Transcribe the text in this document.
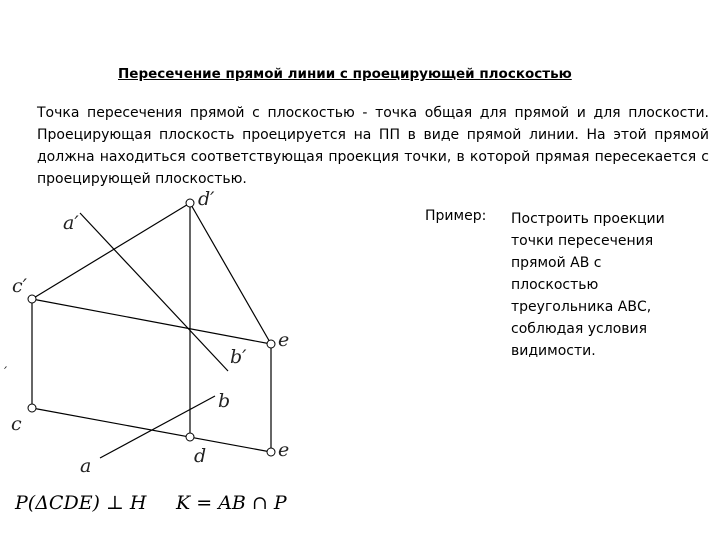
Пересечение прямой линии с проецирующей плоскостью
Точка пересечения прямой с плоскостью - точка общая для прямой и для плоскости. Проецирующая плоскость проецируется на ПП в виде прямой линии. На этой прямой должна находиться соответствующая проекция точки, в которой прямая пересекается с проецирующей плоскостью.
Пример: Построить проекции точки пересечения прямой АВ с плоскостью треугольника АВС, соблюдая условия видимости.
a′
d′
c′
b′
e
b
c
d	e
a
′
P(ΔCDE) ⊥ H K = AB ∩ P
